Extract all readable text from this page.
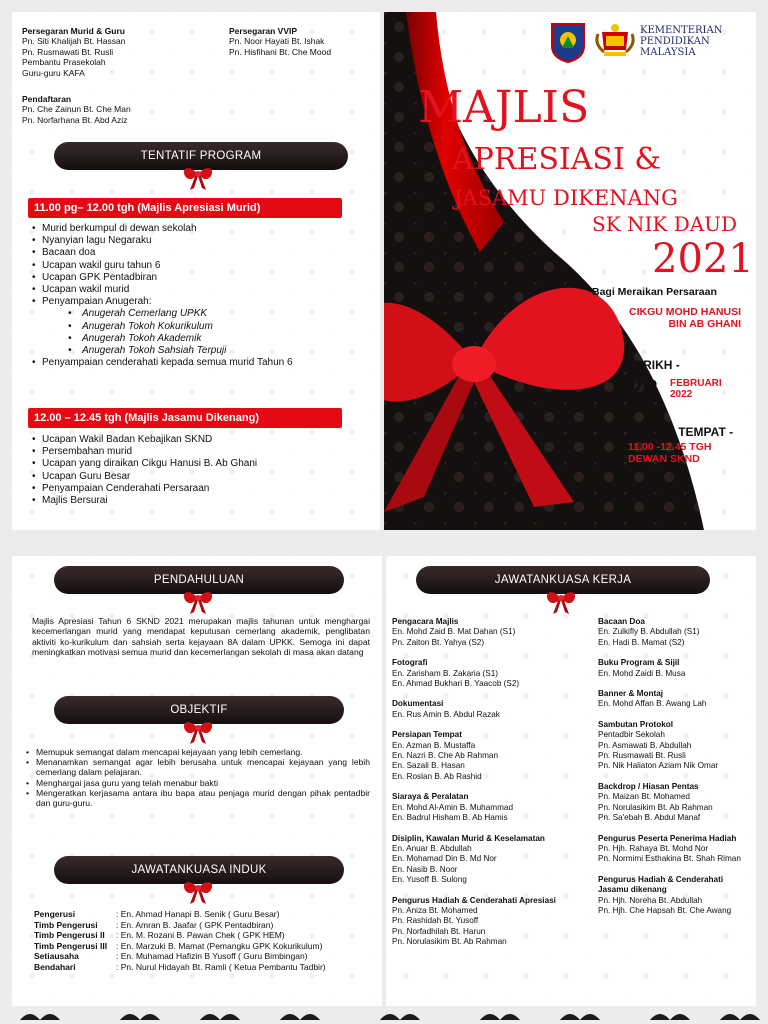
Persegaran Murid & Guru
Pn. Siti Khalijah Bt. Hassan
Pn. Rusmawati Bt. Rusli
Pembantu Prasekolah
Guru-guru KAFA
Persegaran VVIP
Pn. Noor Hayati Bt. Ishak
Pn. Hisfihani Bt. Che Mood
Pendaftaran
Pn. Che Zainun Bt. Che Man
Pn. Norfarhana Bt. Abd Aziz
TENTATIF PROGRAM
11.00 pg– 12.00 tgh (Majlis Apresiasi Murid)
• Murid berkumpul di dewan sekolah
• Nyanyian lagu Negaraku
• Bacaan doa
• Ucapan wakil guru tahun 6
• Ucapan GPK Pentadbiran
• Ucapan wakil murid
• Penyampaian Anugerah:
• Anugerah Cemerlang UPKK
• Anugerah Tokoh Kokurikulum
• Anugerah Tokoh Akademik
• Anugerah Tokoh Sahsiah Terpuji
• Penyampaian cenderahati kepada semua murid Tahun 6
12.00 – 12.45 tgh (Majlis Jasamu Dikenang)
• Ucapan Wakil Badan Kebajikan SKND
• Persembahan murid
• Ucapan yang diraikan Cikgu Hanusi B. Ab Ghani
• Ucapan Guru Besar
• Penyampaian Cenderahati Persaraan
• Majlis Bersurai
KEMENTERIAN
PENDIDIKAN
MALAYSIA
MAJLIS
APRESIASI &
JASAMU DIKENANG
SK NIK DAUD
2021
Bagi Meraikan Persaraan
CIKGU MOHD HANUSI
BIN AB GHANI
TARIKH -
23 FEBRUARI
2022
MASA & TEMPAT -
11.00 -12.45 TGH
DEWAN SKND
PENDAHULUAN
Majlis Apresiasi Tahun 6 SKND 2021 merupakan majlis tahunan untuk menghargai kecemerlangan murid yang mendapat keputusan cemerlang akademik, penglibatan aktiviti ko-kurikulum dan sahsiah serta kejayaan 8A dalam UPKK. Semoga ini dapat meningkatkan motivasi semua murid dan kecemerlangan sekolah di masa akan datang
OBJEKTIF
• Memupuk semangat dalam mencapai kejayaan yang lebih cemerlang.
• Menanamkan semangat agar lebih berusaha untuk mencapai kejayaan yang lebih cemerlang dalam pelajaran.
• Menghargai jasa guru yang telah menabur bakti
• Mengeratkan kerjasama antara ibu bapa atau penjaga murid dengan pihak pentadbir dan guru-guru.
JAWATANKUASA INDUK
Pengerusi	: En. Ahmad Hanapi B. Senik ( Guru Besar)
Timb Pengerusi	: En. Amran B. Jaafar ( GPK Pentadbiran)
Timb Pengerusi II	: En. M. Rozani B. Pawan Chek ( GPK HEM)
Timb Pengerusi III	: En. Marzuki B. Mamat (Pemangku GPK Kokurikulum)
Setiausaha	: En. Muhamad Hafizin B Yusoff ( Guru Bimbingan)
Bendahari	: Pn. Nurul Hidayah Bt. Ramli ( Ketua Pembantu Tadbir)
JAWATANKUASA KERJA
Pengacara Majlis
En. Mohd Zaid B. Mat Dahan (S1)
Pn. Zaiton Bt. Yahya (S2)
Fotografi
En. Zarisham B. Zakaria (S1)
En. Ahmad Bukhari B. Yaacob (S2)
Dokumentasi
En. Rus Amin B. Abdul Razak
Persiapan Tempat
En. Azman B. Mustaffa
En. Nazri B. Che Ab Rahman
En. Sazali B. Hasan
En. Roslan B. Ab Rashid
Siaraya & Peralatan
En. Mohd Al-Amin B. Muhammad
En. Badrul Hisham B. Ab Hamis
Disiplin, Kawalan Murid & Keselamatan
En. Anuar B. Abdullah
En. Mohamad Din B. Md Nor
En. Nasib B. Noor
En. Yusoff B. Sulong
Pengurus Hadiah & Cenderahati Apresiasi
Pn. Aniza Bt. Mohamed
Pn. Rashidah Bt. Yusoff
Pn. Norfadhilah Bt. Harun
Pn. Norulasikim Bt. Ab Rahman
Bacaan Doa
En. Zulkifly B. Abdullah (S1)
En. Hadi B. Mamat (S2)
Buku Program & Sijil
En. Mohd Zaidi B. Musa
Banner & Montaj
En. Mohd Affan B. Awang Lah
Sambutan Protokol
Pentadbir Sekolah
Pn. Asmawati B. Abdullah
Pn. Rusmawati Bt. Rusli
Pn. Nik Haliaton Aziam Nik Omar
Backdrop / Hiasan Pentas
Pn. Maizan Bt. Mohamed
Pn. Norulasikim Bt. Ab Rahman
Pn. Sa'ebah B. Abdul Manaf
Pengurus Peserta Penerima Hadiah
Pn. Hjh. Rahaya Bt. Mohd Nor
Pn. Normimi Esthakina Bt. Shah Riman
Pengurus Hadiah & Cenderahati Jasamu dikenang
Pn. Hjh. Noreha Bt. Abdullah
Pn. Hjh. Che Hapsah Bt. Che Awang
